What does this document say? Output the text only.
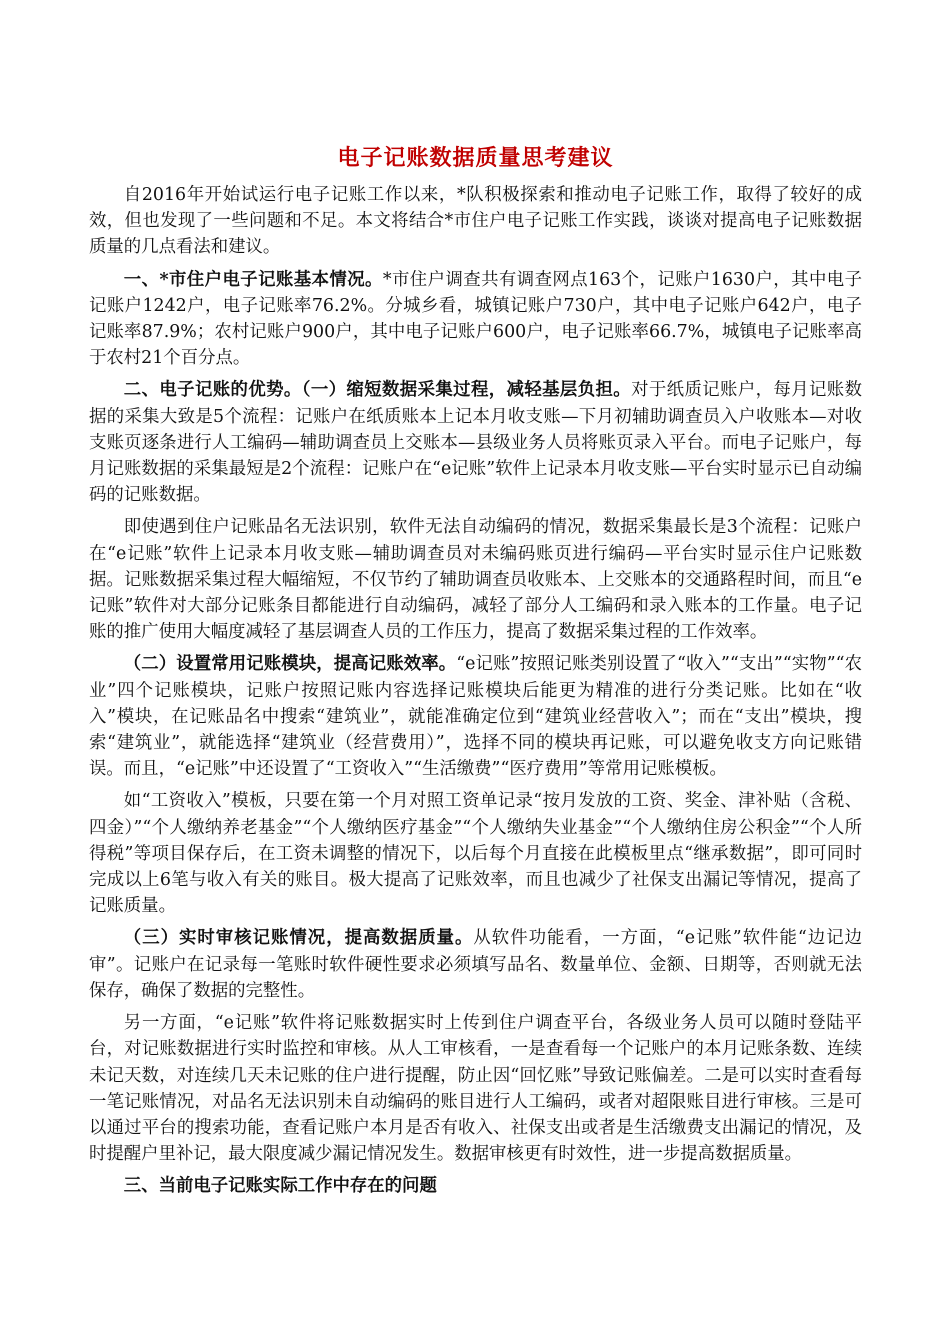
电子记账数据质量思考建议

自2016年开始试运行电子记账工作以来，*队积极探索和推动电子记账工作，取得了较好的成效，但也发现了一些问题和不足。本文将结合*市住户电子记账工作实践，谈谈对提高电子记账数据质量的几点看法和建议。

一、*市住户电子记账基本情况。*市住户调查共有调查网点163个，记账户1630户，其中电子记账户1242户，电子记账率76.2%。分城乡看，城镇记账户730户，其中电子记账户642户，电子记账率87.9%；农村记账户900户，其中电子记账户600户，电子记账率66.7%，城镇电子记账率高于农村21个百分点。

二、电子记账的优势。（一）缩短数据采集过程，减轻基层负担。对于纸质记账户，每月记账数据的采集大致是5个流程：记账户在纸质账本上记本月收支账—下月初辅助调查员入户收账本—对收支账页逐条进行人工编码—辅助调查员上交账本—县级业务人员将账页录入平台。而电子记账户，每月记账数据的采集最短是2个流程：记账户在“e记账”软件上记录本月收支账—平台实时显示已自动编码的记账数据。

即使遇到住户记账品名无法识别，软件无法自动编码的情况，数据采集最长是3个流程：记账户在“e记账”软件上记录本月收支账—辅助调查员对未编码账页进行编码—平台实时显示住户记账数据。记账数据采集过程大幅缩短，不仅节约了辅助调查员收账本、上交账本的交通路程时间，而且“e记账”软件对大部分记账条目都能进行自动编码，减轻了部分人工编码和录入账本的工作量。电子记账的推广使用大幅度减轻了基层调查人员的工作压力，提高了数据采集过程的工作效率。

（二）设置常用记账模块，提高记账效率。“e记账”按照记账类别设置了“收入”“支出”“实物”“农业”四个记账模块，记账户按照记账内容选择记账模块后能更为精准的进行分类记账。比如在“收入”模块，在记账品名中搜索“建筑业”，就能准确定位到“建筑业经营收入”；而在“支出”模块，搜索“建筑业”，就能选择“建筑业（经营费用）”，选择不同的模块再记账，可以避免收支方向记账错误。而且，“e记账”中还设置了“工资收入”“生活缴费”“医疗费用”等常用记账模板。

如“工资收入”模板，只要在第一个月对照工资单记录“按月发放的工资、奖金、津补贴（含税、四金）”“个人缴纳养老基金”“个人缴纳医疗基金”“个人缴纳失业基金”“个人缴纳住房公积金”“个人所得税”等项目保存后，在工资未调整的情况下，以后每个月直接在此模板里点“继承数据”，即可同时完成以上6笔与收入有关的账目。极大提高了记账效率，而且也减少了社保支出漏记等情况，提高了记账质量。

（三）实时审核记账情况，提高数据质量。从软件功能看，一方面，“e记账”软件能“边记边审”。记账户在记录每一笔账时软件硬性要求必须填写品名、数量单位、金额、日期等，否则就无法保存，确保了数据的完整性。

另一方面，“e记账”软件将记账数据实时上传到住户调查平台，各级业务人员可以随时登陆平台，对记账数据进行实时监控和审核。从人工审核看，一是查看每一个记账户的本月记账条数、连续未记天数，对连续几天未记账的住户进行提醒，防止因“回忆账”导致记账偏差。二是可以实时查看每一笔记账情况，对品名无法识别未自动编码的账目进行人工编码，或者对超限账目进行审核。三是可以通过平台的搜索功能，查看记账户本月是否有收入、社保支出或者是生活缴费支出漏记的情况，及时提醒户里补记，最大限度减少漏记情况发生。数据审核更有时效性，进一步提高数据质量。

三、当前电子记账实际工作中存在的问题
